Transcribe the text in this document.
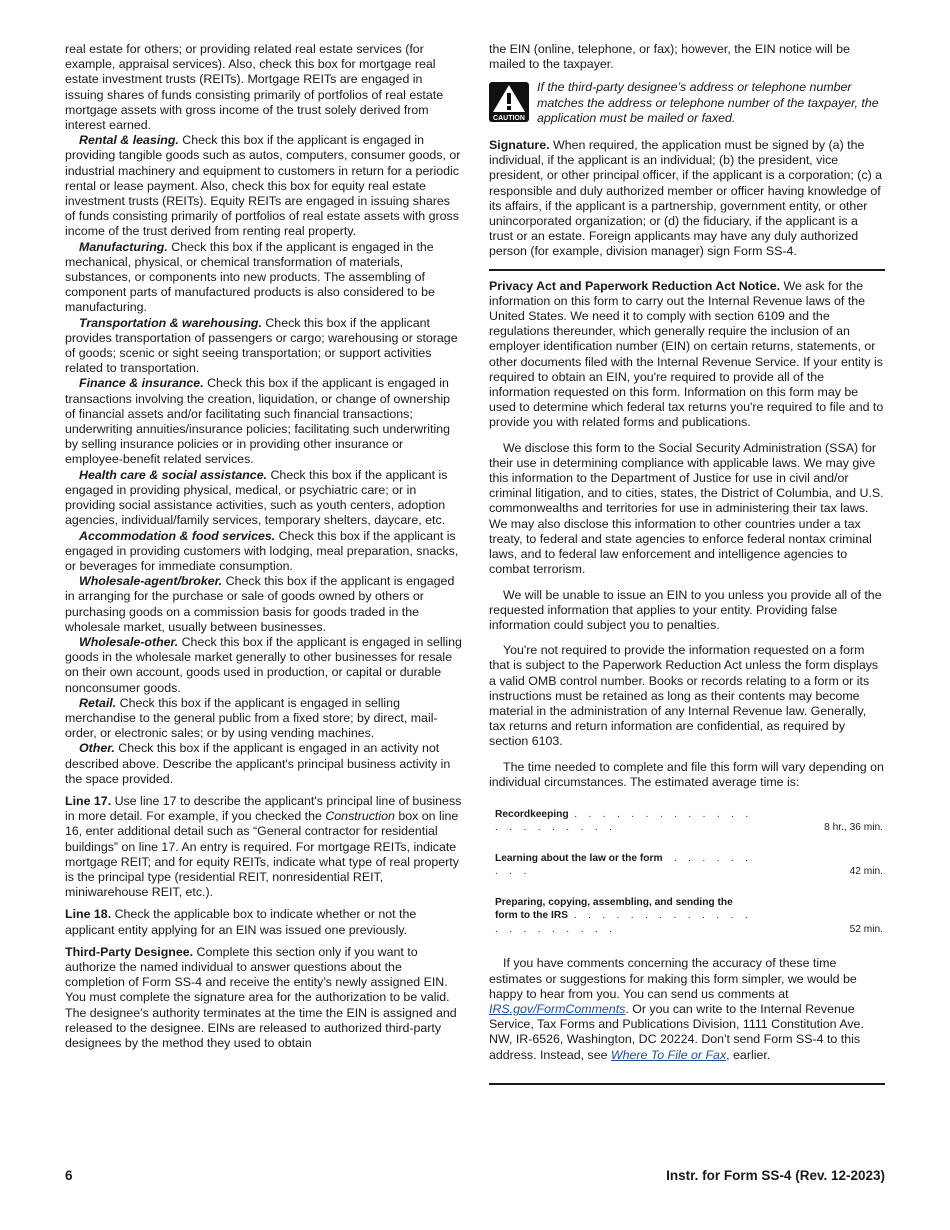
real estate for others; or providing related real estate services (for example, appraisal services). Also, check this box for mortgage real estate investment trusts (REITs). Mortgage REITs are engaged in issuing shares of funds consisting primarily of portfolios of real estate mortgage assets with gross income of the trust solely derived from interest earned.

Rental & leasing. Check this box if the applicant is engaged in providing tangible goods such as autos, computers, consumer goods, or industrial machinery and equipment to customers in return for a periodic rental or lease payment. Also, check this box for equity real estate investment trusts (REITs). Equity REITs are engaged in issuing shares of funds consisting primarily of portfolios of real estate assets with gross income of the trust derived from renting real property.

Manufacturing. Check this box if the applicant is engaged in the mechanical, physical, or chemical transformation of materials, substances, or components into new products. The assembling of component parts of manufactured products is also considered to be manufacturing.

Transportation & warehousing. Check this box if the applicant provides transportation of passengers or cargo; warehousing or storage of goods; scenic or sight seeing transportation; or support activities related to transportation.

Finance & insurance. Check this box if the applicant is engaged in transactions involving the creation, liquidation, or change of ownership of financial assets and/or facilitating such financial transactions; underwriting annuities/insurance policies; facilitating such underwriting by selling insurance policies or in providing other insurance or employee-benefit related services.

Health care & social assistance. Check this box if the applicant is engaged in providing physical, medical, or psychiatric care; or in providing social assistance activities, such as youth centers, adoption agencies, individual/family services, temporary shelters, daycare, etc.

Accommodation & food services. Check this box if the applicant is engaged in providing customers with lodging, meal preparation, snacks, or beverages for immediate consumption.

Wholesale-agent/broker. Check this box if the applicant is engaged in arranging for the purchase or sale of goods owned by others or purchasing goods on a commission basis for goods traded in the wholesale market, usually between businesses.

Wholesale-other. Check this box if the applicant is engaged in selling goods in the wholesale market generally to other businesses for resale on their own account, goods used in production, or capital or durable nonconsumer goods.

Retail. Check this box if the applicant is engaged in selling merchandise to the general public from a fixed store; by direct, mail-order, or electronic sales; or by using vending machines.

Other. Check this box if the applicant is engaged in an activity not described above. Describe the applicant's principal business activity in the space provided.

Line 17. Use line 17 to describe the applicant's principal line of business in more detail. For example, if you checked the Construction box on line 16, enter additional detail such as “General contractor for residential buildings” on line 17. An entry is required. For mortgage REITs, indicate mortgage REIT; and for equity REITs, indicate what type of real property is the principal type (residential REIT, nonresidential REIT, miniwarehouse REIT, etc.).

Line 18. Check the applicable box to indicate whether or not the applicant entity applying for an EIN was issued one previously.

Third-Party Designee. Complete this section only if you want to authorize the named individual to answer questions about the completion of Form SS-4 and receive the entity’s newly assigned EIN. You must complete the signature area for the authorization to be valid. The designee’s authority terminates at the time the EIN is assigned and released to the designee. EINs are released to authorized third-party designees by the method they used to obtain

the EIN (online, telephone, or fax); however, the EIN notice will be mailed to the taxpayer.

CAUTION

If the third-party designee’s address or telephone number matches the address or telephone number of the taxpayer, the application must be mailed or faxed.

Signature. When required, the application must be signed by (a) the individual, if the applicant is an individual; (b) the president, vice president, or other principal officer, if the applicant is a corporation; (c) a responsible and duly authorized member or officer having knowledge of its affairs, if the applicant is a partnership, government entity, or other unincorporated organization; or (d) the fiduciary, if the applicant is a trust or an estate. Foreign applicants may have any duly authorized person (for example, division manager) sign Form SS-4.

Privacy Act and Paperwork Reduction Act Notice. We ask for the information on this form to carry out the Internal Revenue laws of the United States. We need it to comply with section 6109 and the regulations thereunder, which generally require the inclusion of an employer identification number (EIN) on certain returns, statements, or other documents filed with the Internal Revenue Service. If your entity is required to obtain an EIN, you're required to provide all of the information requested on this form. Information on this form may be used to determine which federal tax returns you're required to file and to provide you with related forms and publications.

We disclose this form to the Social Security Administration (SSA) for their use in determining compliance with applicable laws. We may give this information to the Department of Justice for use in civil and/or criminal litigation, and to cities, states, the District of Columbia, and U.S. commonwealths and territories for use in administering their tax laws. We may also disclose this information to other countries under a tax treaty, to federal and state agencies to enforce federal nontax criminal laws, and to federal law enforcement and intelligence agencies to combat terrorism.

We will be unable to issue an EIN to you unless you provide all of the requested information that applies to your entity. Providing false information could subject you to penalties.

You're not required to provide the information requested on a form that is subject to the Paperwork Reduction Act unless the form displays a valid OMB control number. Books or records relating to a form or its instructions must be retained as long as their contents may become material in the administration of any Internal Revenue law. Generally, tax returns and return information are confidential, as required by section 6103.

The time needed to complete and file this form will vary depending on individual circumstances. The estimated average time is:

Recordkeeping . . . . . . . . . . . . . . . . . . . . . .	8 hr., 36 min.
Learning about the law or the form . . . . . . . . .	42 min.
Preparing, copying, assembling, and sending the
form to the IRS . . . . . . . . . . . . . . . . . . . . . .	52 min.

If you have comments concerning the accuracy of these time estimates or suggestions for making this form simpler, we would be happy to hear from you. You can send us comments at IRS.gov/FormComments. Or you can write to the Internal Revenue Service, Tax Forms and Publications Division, 1111 Constitution Ave. NW, IR-6526, Washington, DC 20224. Don't send Form SS-4 to this address. Instead, see Where To File or Fax, earlier.

6	Instr. for Form SS-4 (Rev. 12-2023)
